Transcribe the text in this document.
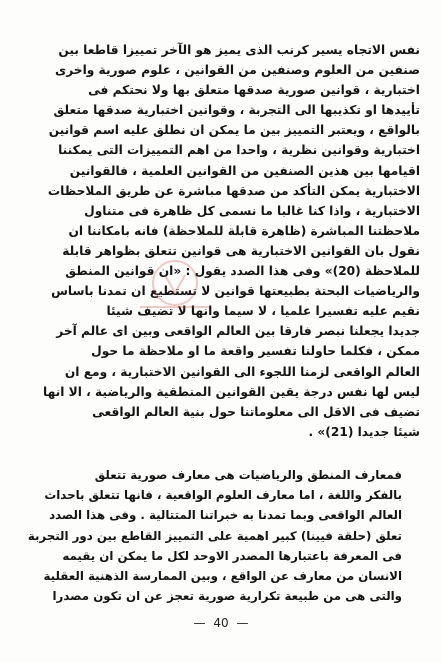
نفس الاتجاه يسير كرنب الذى يميز هو الآخر تمييزا قاطعا بين
صنفين من العلوم وصنفين من القوانين ، علوم صورية واخرى
اختبارية ، قوانين صورية صدقها متعلق بها ولا نحتكم فى
تأييدها او تكذيبها الى التجربة ، وقوانين اختبارية صدقها متعلق
بالواقع ، ويعتبر التمييز بين ما يمكن ان نطلق عليه اسم قوانين
اختبارية وقوانين نظرية ، واحدا من اهم التمييزات التى يمكننا
اقيامها بين هذين الصنفين من القوانين العلمية ، فالقوانين
الاختبارية يمكن التأكد من صدقها مباشرة عن طريق الملاحظات
الاختبارية ، واذا كنا غالبا ما نسمى كل ظاهرة فى متناول
ملاحظتنا المباشرة (ظاهرة قابلة للملاحظة) فانه بامكاننا ان
نقول بان القوانين الاختبارية هى قوانين تتعلق بظواهر قابلة
للملاحظة (20)» وفى هذا الصدد يقول : «ان قوانين المنطق
والرياضيات البحتة بطبيعتها قوانين لا تستطيع ان تمدنا باساس
نقيم عليه تفسيرا علميا ، لا سيما وانها لا تضيف شيئا
جديدا يجعلنا نبصر فارقا بين العالم الواقعى وبين اى عالم آخر
ممكن ، فكلما حاولنا تفسير واقعة ما او ملاحظة ما حول
العالم الواقعى لزمنا اللجوء الى القوانين الاختبارية ، ومع ان
ليس لها نفس درجة يقين القوانين المنطقية والرياضية ، الا انها
تضيف فى الاقل الى معلوماتنا حول بنية العالم الواقعى
شيئا جديدا (21)» .
فمعارف المنطق والرياضيات هى معارف صورية تتعلق
بالفكر واللغة ، اما معارف العلوم الواقعية ، فانها تتعلق باحداث
العالم الواقعى وبما تمدنا به خبراتنا المتتالية . وفى هذا الصدد
تعلق (حلقة فيينا) كبير اهمية على التمييز القاطع بين دور التجربة
فى المعرفة باعتبارها المصدر الاوحد لكل ما يمكن ان يقيمه
الانسان من معارف عن الواقع ، وبين الممارسة الذهنية العقلية
والتى هى من طبيعة تكرارية صورية تعجز عن ان تكون مصدرا
— 40 —
